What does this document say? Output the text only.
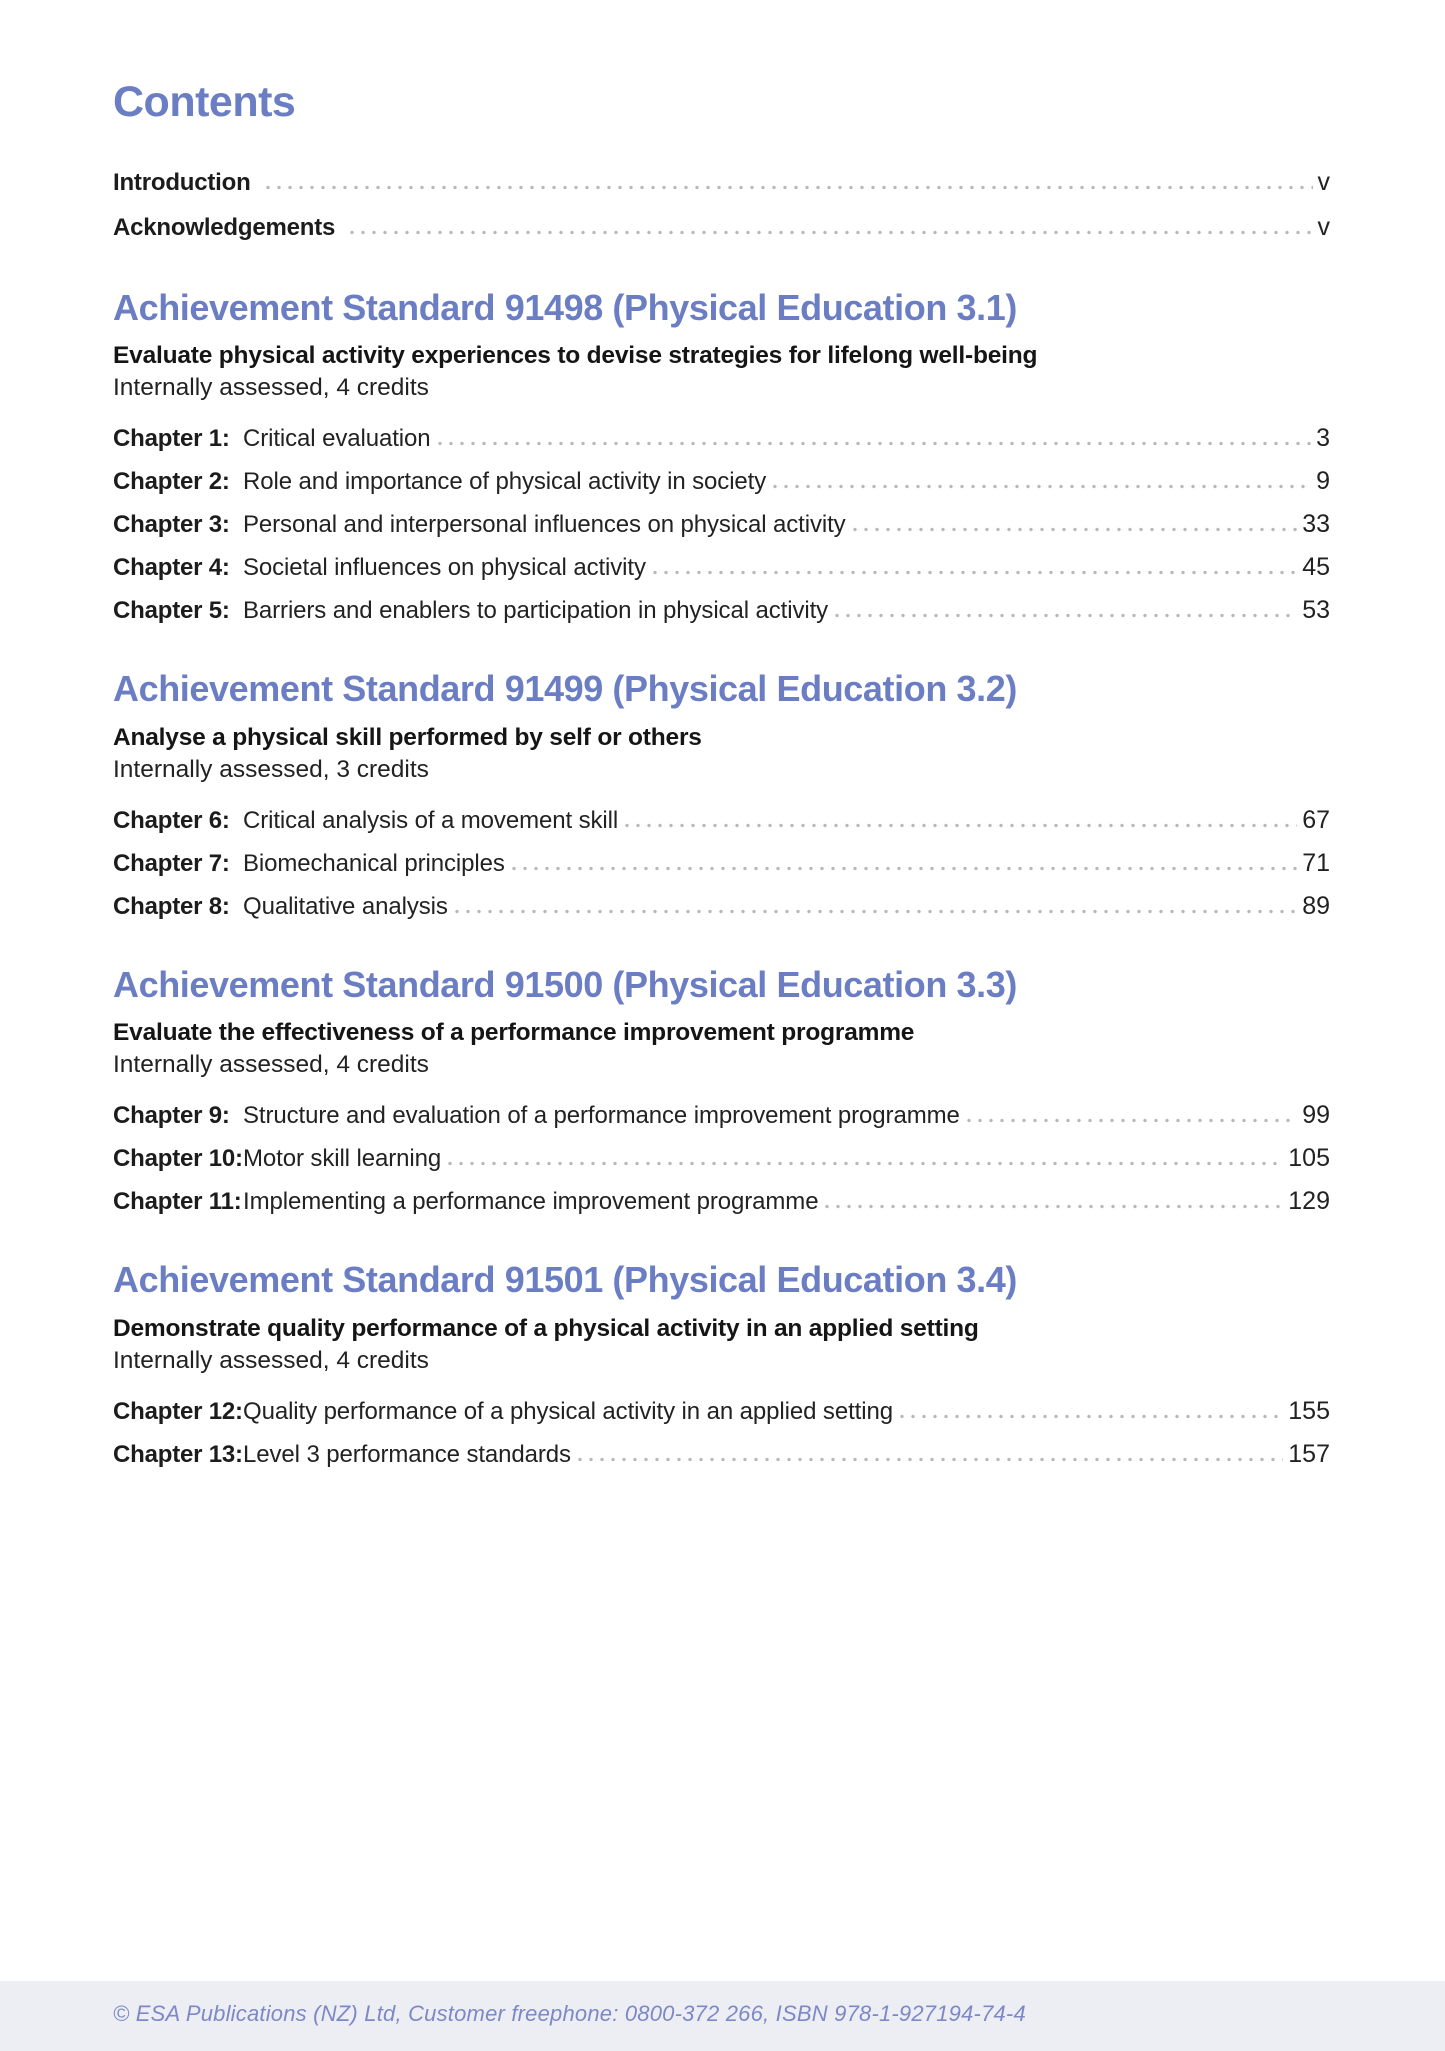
Contents
Introduction	v
Acknowledgements	v
Achievement Standard 91498 (Physical Education 3.1)

Evaluate physical activity experiences to devise strategies for lifelong well-being

Internally assessed, 4 credits

Chapter 1: Critical evaluation	3
Chapter 2: Role and importance of physical activity in society	9
Chapter 3: Personal and interpersonal influences on physical activity	33
Chapter 4: Societal influences on physical activity	45
Chapter 5: Barriers and enablers to participation in physical activity	53
Achievement Standard 91499 (Physical Education 3.2)

Analyse a physical skill performed by self or others

Internally assessed, 3 credits

Chapter 6: Critical analysis of a movement skill	67
Chapter 7: Biomechanical principles	71
Chapter 8: Qualitative analysis	89
Achievement Standard 91500 (Physical Education 3.3)

Evaluate the effectiveness of a performance improvement programme

Internally assessed, 4 credits

Chapter 9: Structure and evaluation of a performance improvement programme	99
Chapter 10: Motor skill learning	105
Chapter 11: Implementing a performance improvement programme	129
Achievement Standard 91501 (Physical Education 3.4)

Demonstrate quality performance of a physical activity in an applied setting

Internally assessed, 4 credits

Chapter 12: Quality performance of a physical activity in an applied setting	155
Chapter 13: Level 3 performance standards	157
© ESA Publications (NZ) Ltd, Customer freephone: 0800-372 266, ISBN 978-1-927194-74-4
